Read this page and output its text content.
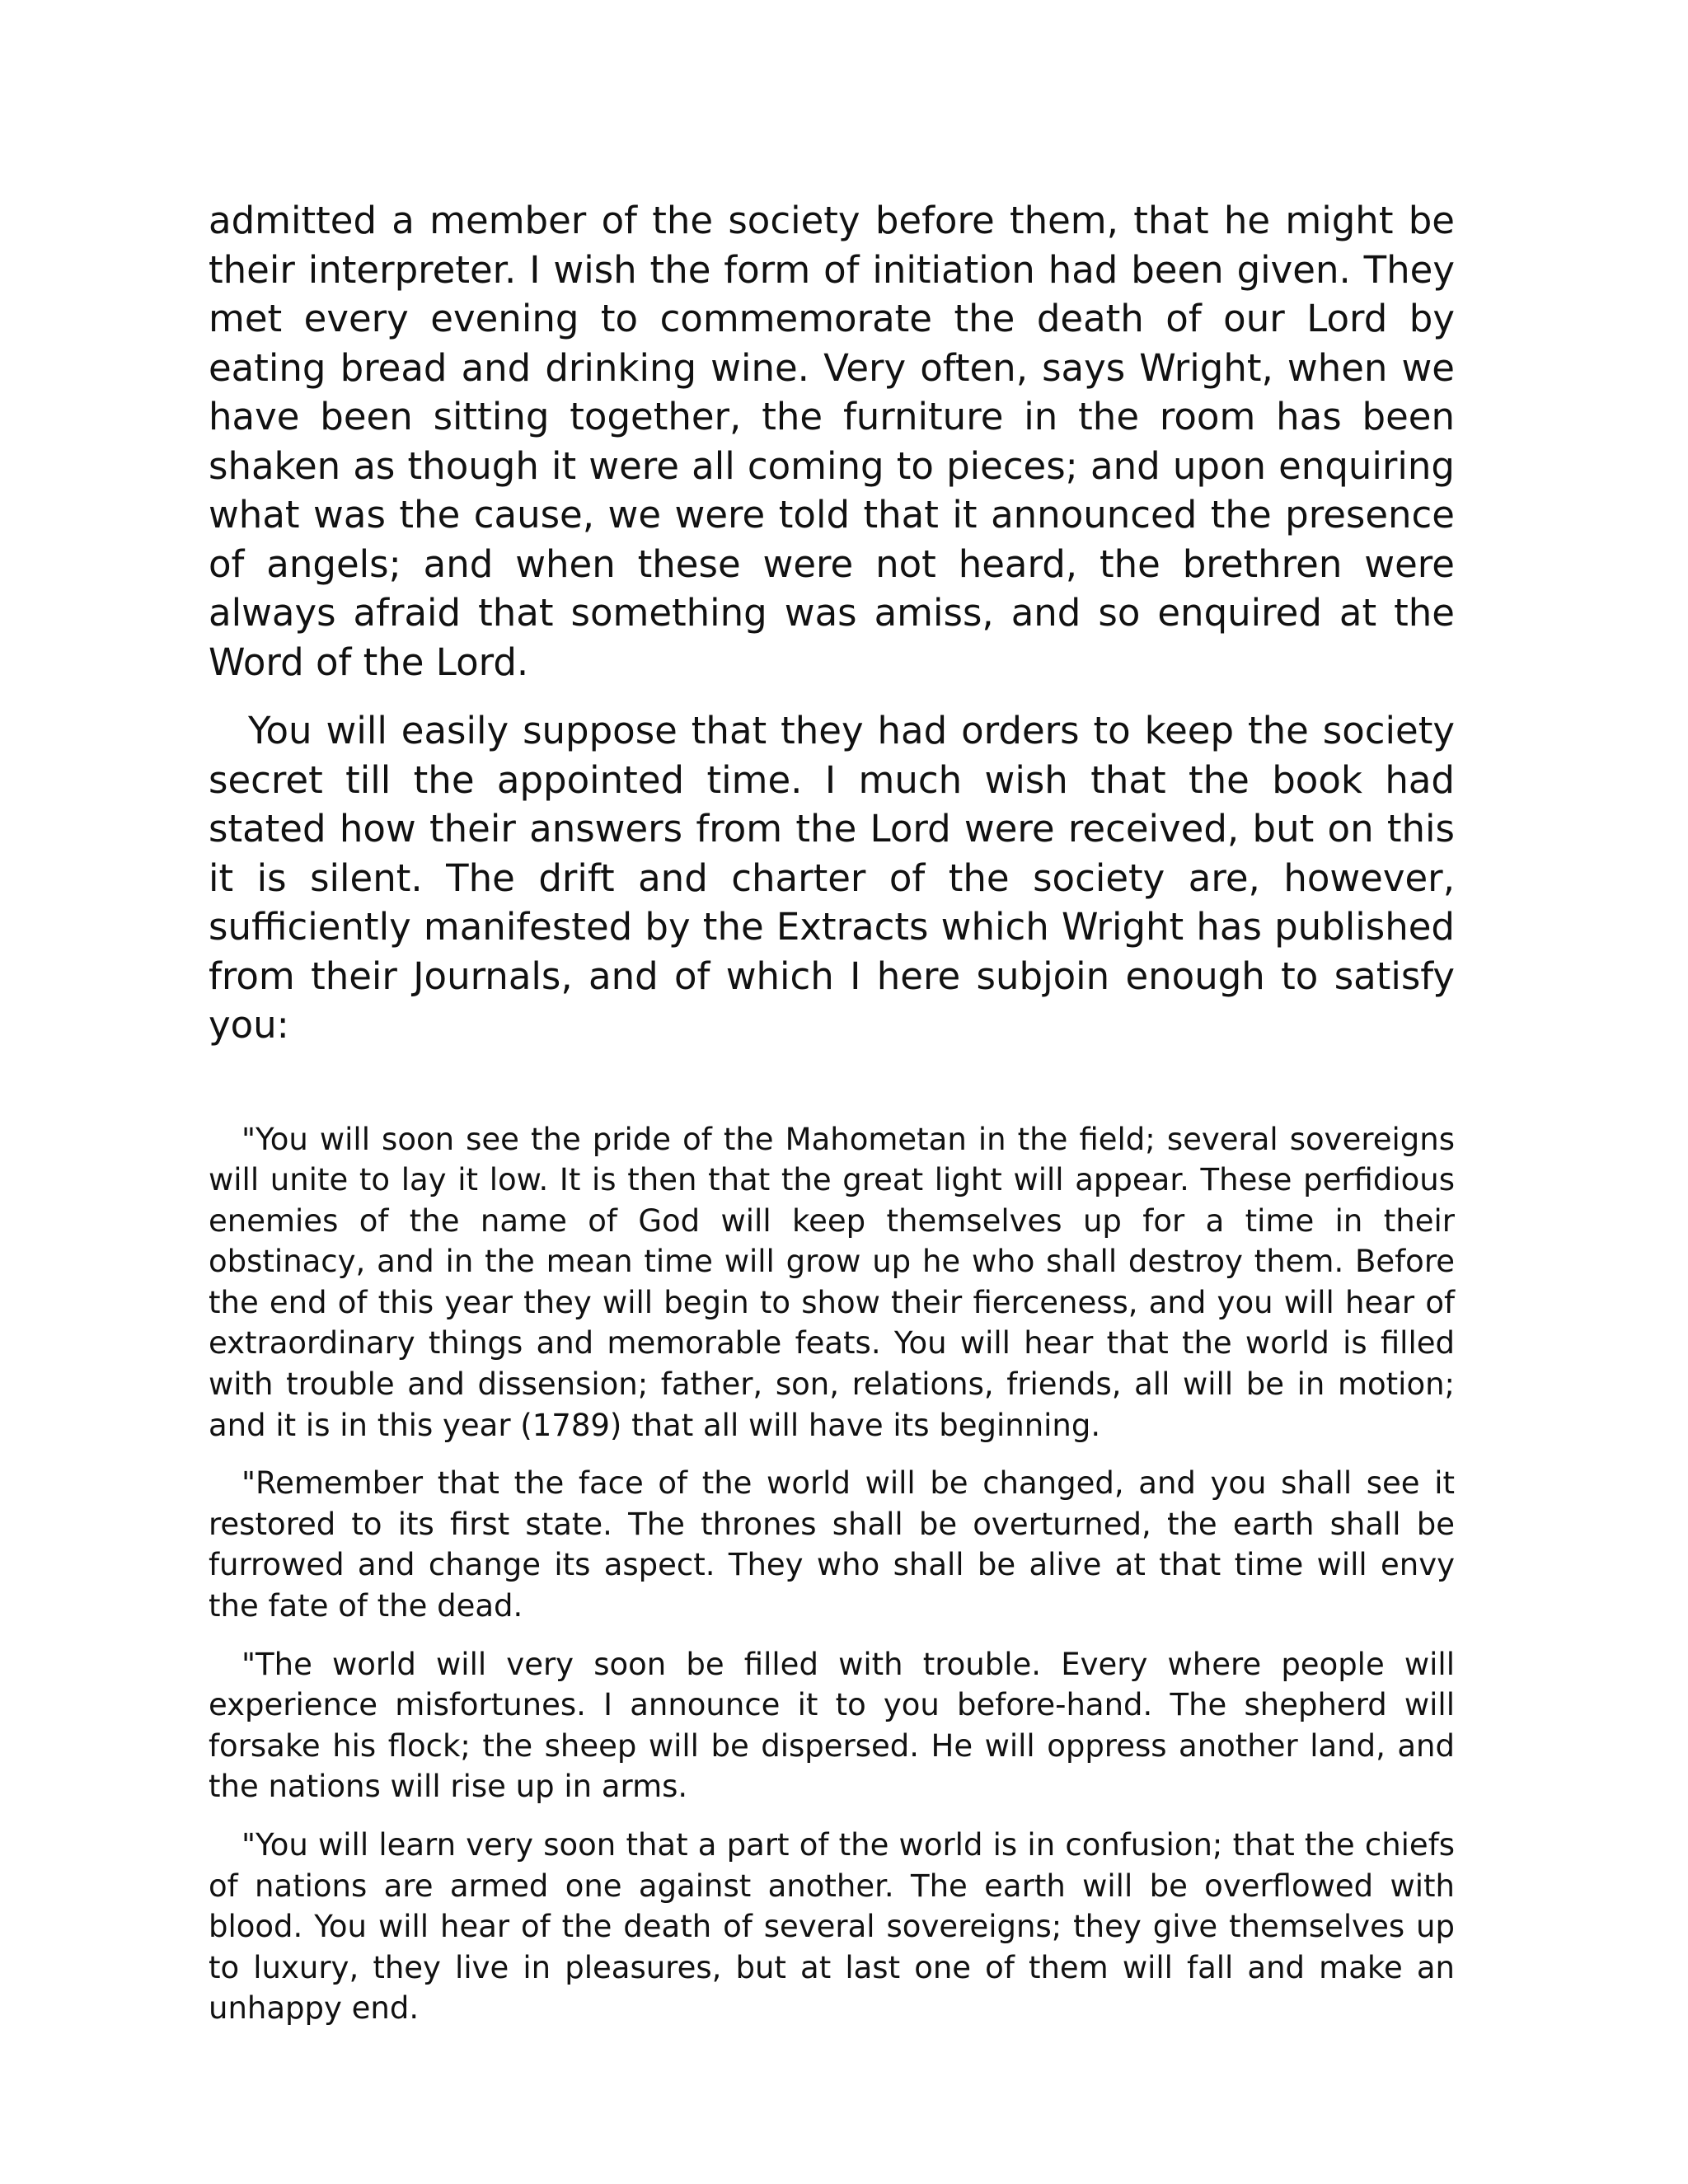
admitted a member of the society before them, that he might be their interpreter. I wish the form of initiation had been given. They met every evening to commemorate the death of our Lord by eating bread and drinking wine. Very often, says Wright, when we have been sitting together, the furniture in the room has been shaken as though it were all coming to pieces; and upon enquiring what was the cause, we were told that it announced the presence of angels; and when these were not heard, the brethren were always afraid that something was amiss, and so enquired at the Word of the Lord.

You will easily suppose that they had orders to keep the society secret till the appointed time. I much wish that the book had stated how their answers from the Lord were received, but on this it is silent. The drift and charter of the society are, however, sufficiently manifested by the Extracts which Wright has published from their Journals, and of which I here subjoin enough to satisfy you:

"You will soon see the pride of the Mahometan in the field; several sovereigns will unite to lay it low. It is then that the great light will appear. These perfidious enemies of the name of God will keep themselves up for a time in their obstinacy, and in the mean time will grow up he who shall destroy them. Before the end of this year they will begin to show their fierceness, and you will hear of extraordinary things and memorable feats. You will hear that the world is filled with trouble and dissension; father, son, relations, friends, all will be in motion; and it is in this year (1789) that all will have its beginning.

"Remember that the face of the world will be changed, and you shall see it restored to its first state. The thrones shall be overturned, the earth shall be furrowed and change its aspect. They who shall be alive at that time will envy the fate of the dead.

"The world will very soon be filled with trouble. Every where people will experience misfortunes. I announce it to you before-hand. The shepherd will forsake his flock; the sheep will be dispersed. He will oppress another land, and the nations will rise up in arms.

"You will learn very soon that a part of the world is in confusion; that the chiefs of nations are armed one against another. The earth will be overflowed with blood. You will hear of the death of several sovereigns; they give themselves up to luxury, they live in pleasures, but at last one of them will fall and make an unhappy end.
